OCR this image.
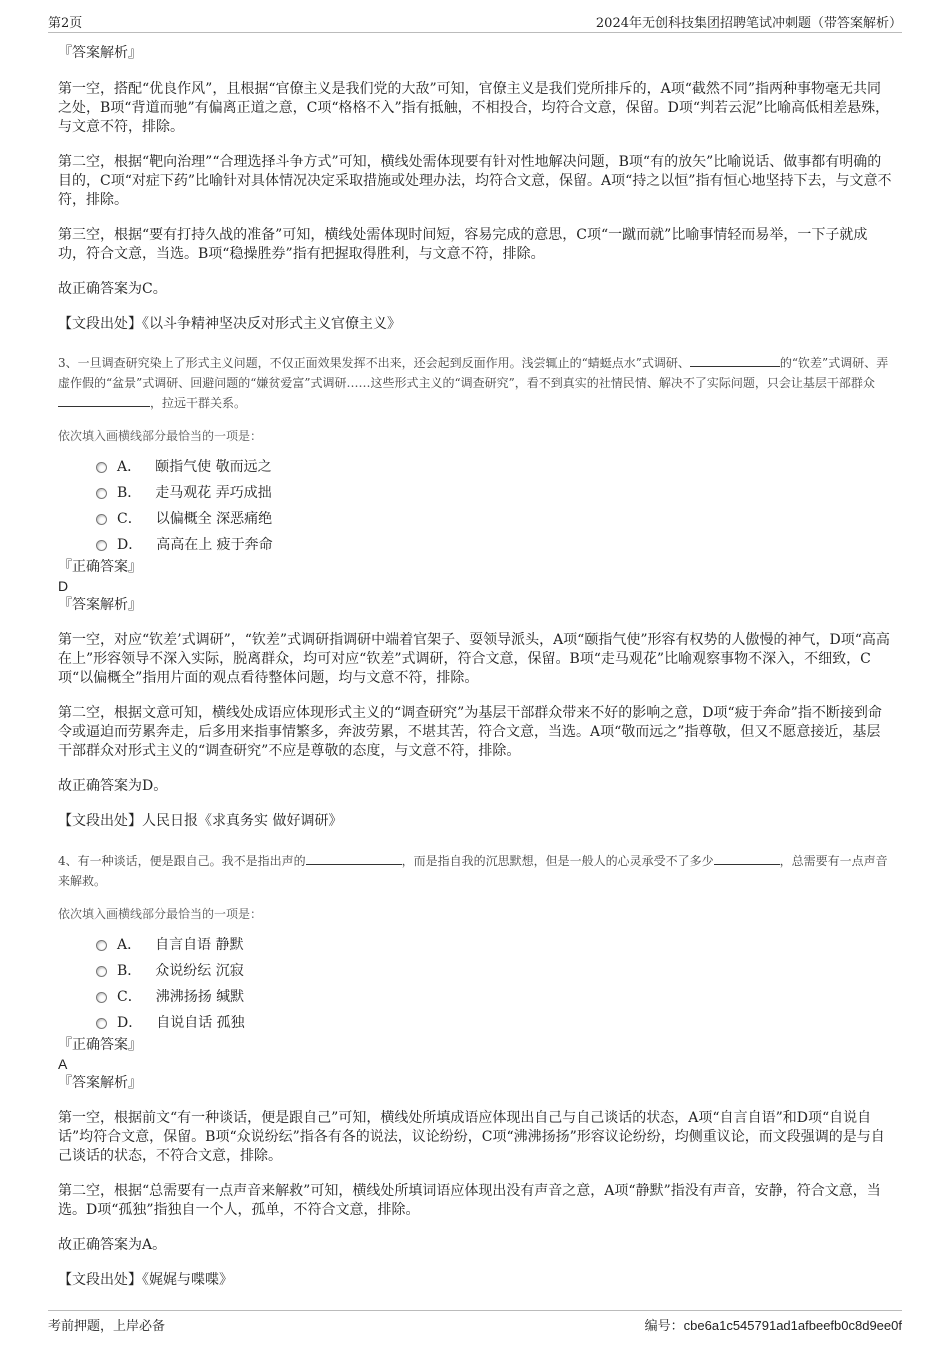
第2页	2024年无创科技集团招聘笔试冲刺题（带答案解析）

『答案解析』

第一空，搭配“优良作风”，且根据“官僚主义是我们党的大敌”可知，官僚主义是我们党所排斥的，A项“截然不同”指两种事物毫无共同之处，B项“背道而驰”有偏离正道之意，C项“格格不入”指有抵触，不相投合，均符合文意，保留。D项“判若云泥”比喻高低相差悬殊，与文意不符，排除。

第二空，根据“靶向治理”“合理选择斗争方式”可知，横线处需体现要有针对性地解决问题，B项“有的放矢”比喻说话、做事都有明确的目的，C项“对症下药”比喻针对具体情况决定采取措施或处理办法，均符合文意，保留。A项“持之以恒”指有恒心地坚持下去，与文意不符，排除。

第三空，根据“要有打持久战的准备”可知，横线处需体现时间短，容易完成的意思，C项“一蹴而就”比喻事情轻而易举，一下子就成功，符合文意，当选。B项“稳操胜券”指有把握取得胜利，与文意不符，排除。

故正确答案为C。

【文段出处】《以斗争精神坚决反对形式主义官僚主义》

3、一旦调查研究染上了形式主义问题，不仅正面效果发挥不出来，还会起到反面作用。浅尝辄止的“蜻蜓点水”式调研、	的“钦差”式调研、弄虚作假的“盆景”式调研、回避问题的“嫌贫爱富”式调研……这些形式主义的“调查研究”，看不到真实的社情民情、解决不了实际问题，只会让基层干部群众，拉远干群关系。

依次填入画横线部分最恰当的一项是：

A． 颐指气使 敬而远之
B． 走马观花 弄巧成拙
C． 以偏概全 深恶痛绝
D． 高高在上 疲于奔命

『正确答案』

D

『答案解析』

第一空，对应“钦差’式调研”，“钦差”式调研指调研中端着官架子、耍领导派头，A项“颐指气使”形容有权势的人傲慢的神气，D项“高高在上”形容领导不深入实际，脱离群众，均可对应“钦差”式调研，符合文意，保留。B项“走马观花”比喻观察事物不深入，不细致，C项“以偏概全”指用片面的观点看待整体问题，均与文意不符，排除。

第二空，根据文意可知，横线处成语应体现形式主义的“调查研究”为基层干部群众带来不好的影响之意，D项“疲于奔命”指不断接到命令或逼迫而劳累奔走，后多用来指事情繁多，奔波劳累，不堪其苦，符合文意，当选。A项“敬而远之”指尊敬，但又不愿意接近，基层干部群众对形式主义的“调查研究”不应是尊敬的态度，与文意不符，排除。

故正确答案为D。

【文段出处】人民日报《求真务实 做好调研》

4、有一种谈话，便是跟自己。我不是指出声的	，而是指自我的沉思默想，但是一般人的心灵承受不了多少	，总需要有一点声音来解救。

依次填入画横线部分最恰当的一项是：

A． 自言自语 静默
B． 众说纷纭 沉寂
C． 沸沸扬扬 缄默
D． 自说自话 孤独

『正确答案』

A

『答案解析』

第一空，根据前文“有一种谈话，便是跟自己”可知，横线处所填成语应体现出自己与自己谈话的状态，A项“自言自语”和D项“自说自话”均符合文意，保留。B项“众说纷纭”指各有各的说法，议论纷纷，C项“沸沸扬扬”形容议论纷纷，均侧重议论，而文段强调的是与自己谈话的状态，不符合文意，排除。

第二空，根据“总需要有一点声音来解救”可知，横线处所填词语应体现出没有声音之意，A项“静默”指没有声音，安静，符合文意，当选。D项“孤独”指独自一个人，孤单，不符合文意，排除。

故正确答案为A。

【文段出处】《娓娓与喋喋》

考前押题，上岸必备	编号：cbe6a1c545791ad1afbeefb0c8d9ee0f
